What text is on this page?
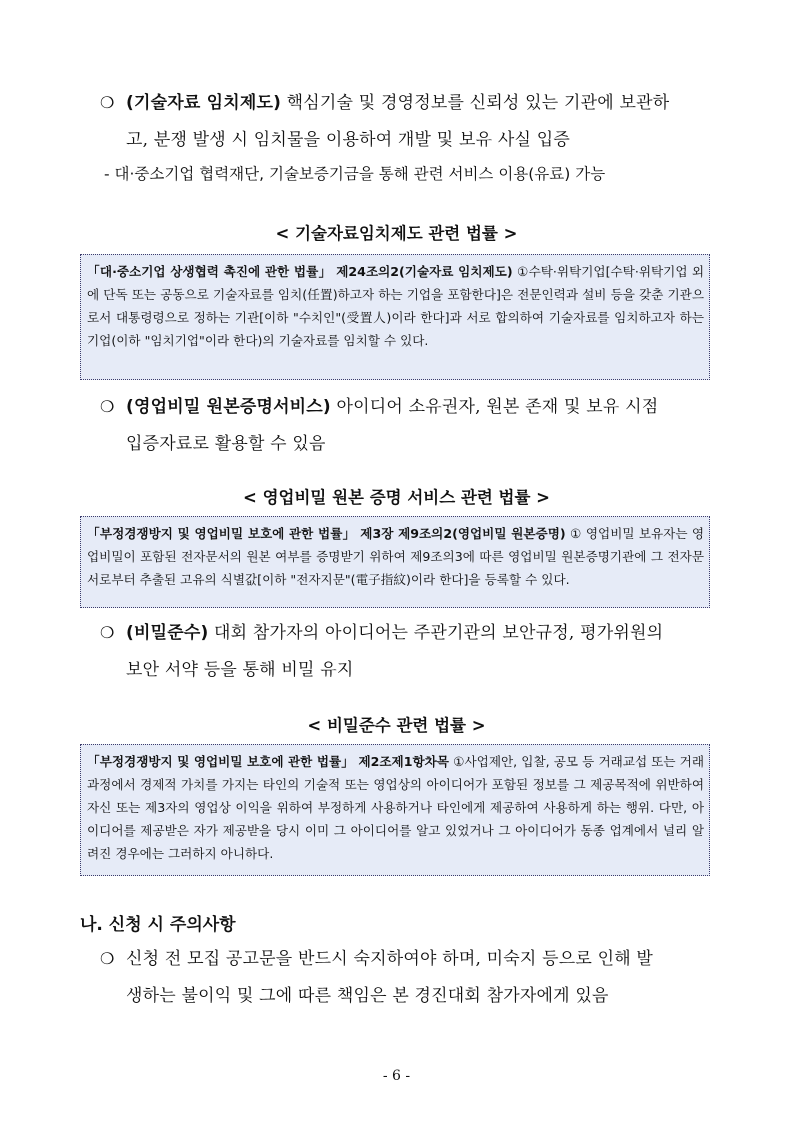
❍ (기술자료 임치제도) 핵심기술 및 경영정보를 신뢰성 있는 기관에 보관하
고, 분쟁 발생 시 임치물을 이용하여 개발 및 보유 사실 입증
- 대·중소기업 협력재단, 기술보증기금을 통해 관련 서비스 이용(유료) 가능
< 기술자료임치제도 관련 법률 >
「대·중소기업 상생협력 촉진에 관한 법률」 제24조의2(기술자료 임치제도) ①수탁·위탁기업[수탁·위탁기업 외에 단독 또는 공동으로 기술자료를 임치(任置)하고자 하는 기업을 포함한다]은 전문인력과 설비 등을 갖춘 기관으로서 대통령령으로 정하는 기관[이하 "수치인"(受置人)이라 한다]과 서로 합의하여 기술자료를 임치하고자 하는 기업(이하 "임치기업"이라 한다)의 기술자료를 임치할 수 있다.
❍ (영업비밀 원본증명서비스) 아이디어 소유권자, 원본 존재 및 보유 시점
입증자료로 활용할 수 있음
< 영업비밀 원본 증명 서비스 관련 법률 >
「부정경쟁방지 및 영업비밀 보호에 관한 법률」 제3장 제9조의2(영업비밀 원본증명) ① 영업비밀 보유자는 영업비밀이 포함된 전자문서의 원본 여부를 증명받기 위하여 제9조의3에 따른 영업비밀 원본증명기관에 그 전자문서로부터 추출된 고유의 식별값[이하 "전자지문"(電子指紋)이라 한다]을 등록할 수 있다.
❍ (비밀준수) 대회 참가자의 아이디어는 주관기관의 보안규정, 평가위원의
보안 서약 등을 통해 비밀 유지
< 비밀준수 관련 법률 >
「부정경쟁방지 및 영업비밀 보호에 관한 법률」 제2조제1항차목 ①사업제안, 입찰, 공모 등 거래교섭 또는 거래과정에서 경제적 가치를 가지는 타인의 기술적 또는 영업상의 아이디어가 포함된 정보를 그 제공목적에 위반하여 자신 또는 제3자의 영업상 이익을 위하여 부정하게 사용하거나 타인에게 제공하여 사용하게 하는 행위. 다만, 아이디어를 제공받은 자가 제공받을 당시 이미 그 아이디어를 알고 있었거나 그 아이디어가 동종 업계에서 널리 알려진 경우에는 그러하지 아니하다.
나. 신청 시 주의사항
❍ 신청 전 모집 공고문을 반드시 숙지하여야 하며, 미숙지 등으로 인해 발
생하는 불이익 및 그에 따른 책임은 본 경진대회 참가자에게 있음
- 6 -
